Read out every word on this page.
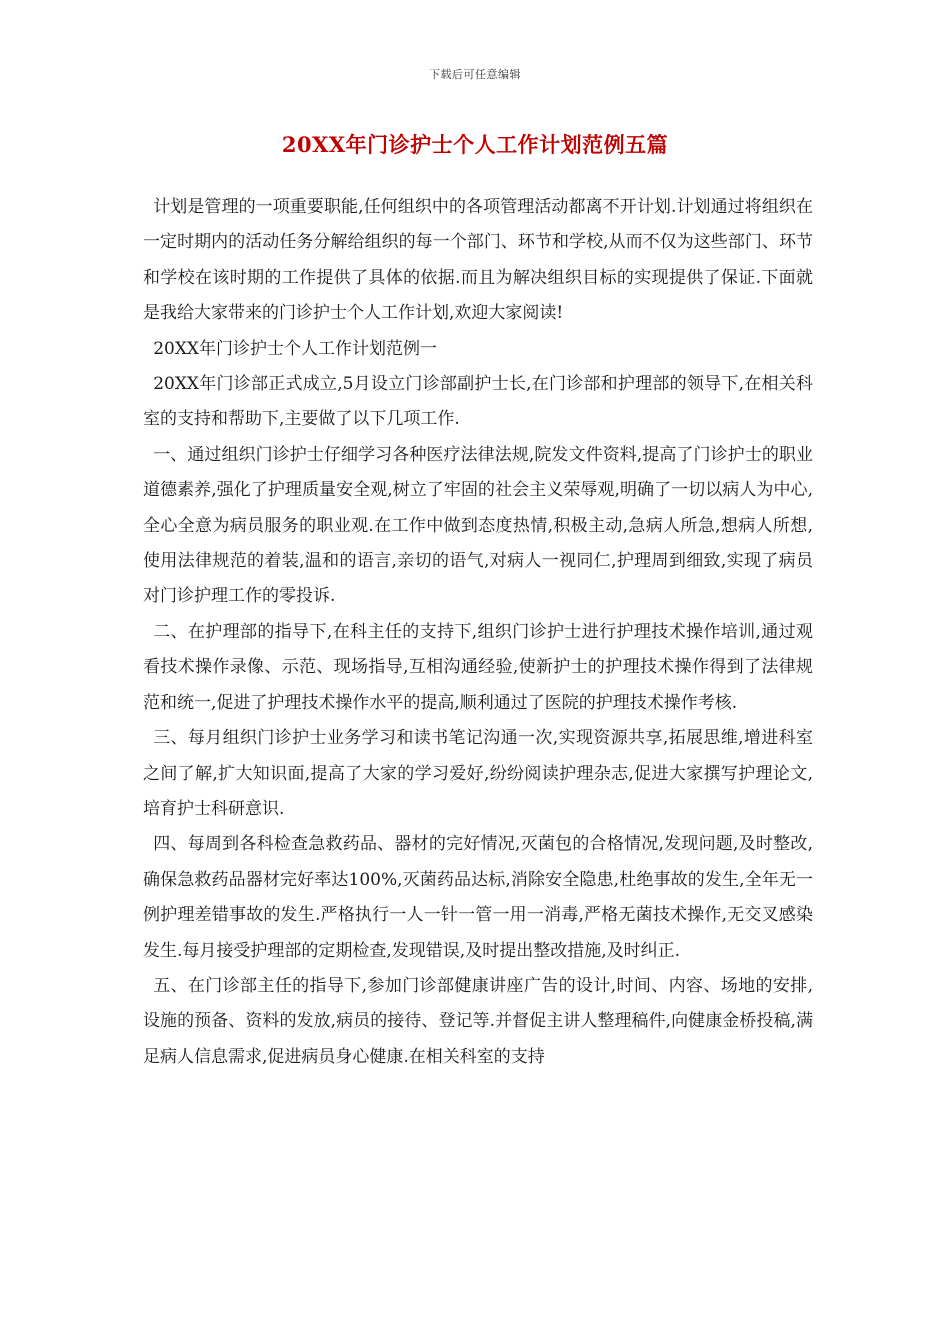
下载后可任意编辑
20XX年门诊护士个人工作计划范例五篇

计划是管理的一项重要职能,任何组织中的各项管理活动都离不开计划.计划通过将组织在一定时期内的活动任务分解给组织的每一个部门、环节和学校,从而不仅为这些部门、环节和学校在该时期的工作提供了具体的依据.而且为解决组织目标的实现提供了保证.下面就是我给大家带来的门诊护士个人工作计划,欢迎大家阅读!

20XX年门诊护士个人工作计划范例一

20XX年门诊部正式成立,5月设立门诊部副护士长,在门诊部和护理部的领导下,在相关科室的支持和帮助下,主要做了以下几项工作.

一、通过组织门诊护士仔细学习各种医疗法律法规,院发文件资料,提高了门诊护士的职业道德素养,强化了护理质量安全观,树立了牢固的社会主义荣辱观,明确了一切以病人为中心,全心全意为病员服务的职业观.在工作中做到态度热情,积极主动,急病人所急,想病人所想,使用法律规范的着装,温和的语言,亲切的语气,对病人一视同仁,护理周到细致,实现了病员对门诊护理工作的零投诉.

二、在护理部的指导下,在科主任的支持下,组织门诊护士进行护理技术操作培训,通过观看技术操作录像、示范、现场指导,互相沟通经验,使新护士的护理技术操作得到了法律规范和统一,促进了护理技术操作水平的提高,顺利通过了医院的护理技术操作考核.

三、每月组织门诊护士业务学习和读书笔记沟通一次,实现资源共享,拓展思维,增进科室之间了解,扩大知识面,提高了大家的学习爱好,纷纷阅读护理杂志,促进大家撰写护理论文,培育护士科研意识.

四、每周到各科检查急救药品、器材的完好情况,灭菌包的合格情况,发现问题,及时整改,确保急救药品器材完好率达100%,灭菌药品达标,消除安全隐患,杜绝事故的发生,全年无一例护理差错事故的发生.严格执行一人一针一管一用一消毒,严格无菌技术操作,无交叉感染发生.每月接受护理部的定期检查,发现错误,及时提出整改措施,及时纠正.

五、在门诊部主任的指导下,参加门诊部健康讲座广告的设计,时间、内容、场地的安排,设施的预备、资料的发放,病员的接待、登记等.并督促主讲人整理稿件,向健康金桥投稿,满足病人信息需求,促进病员身心健康.在相关科室的支持
